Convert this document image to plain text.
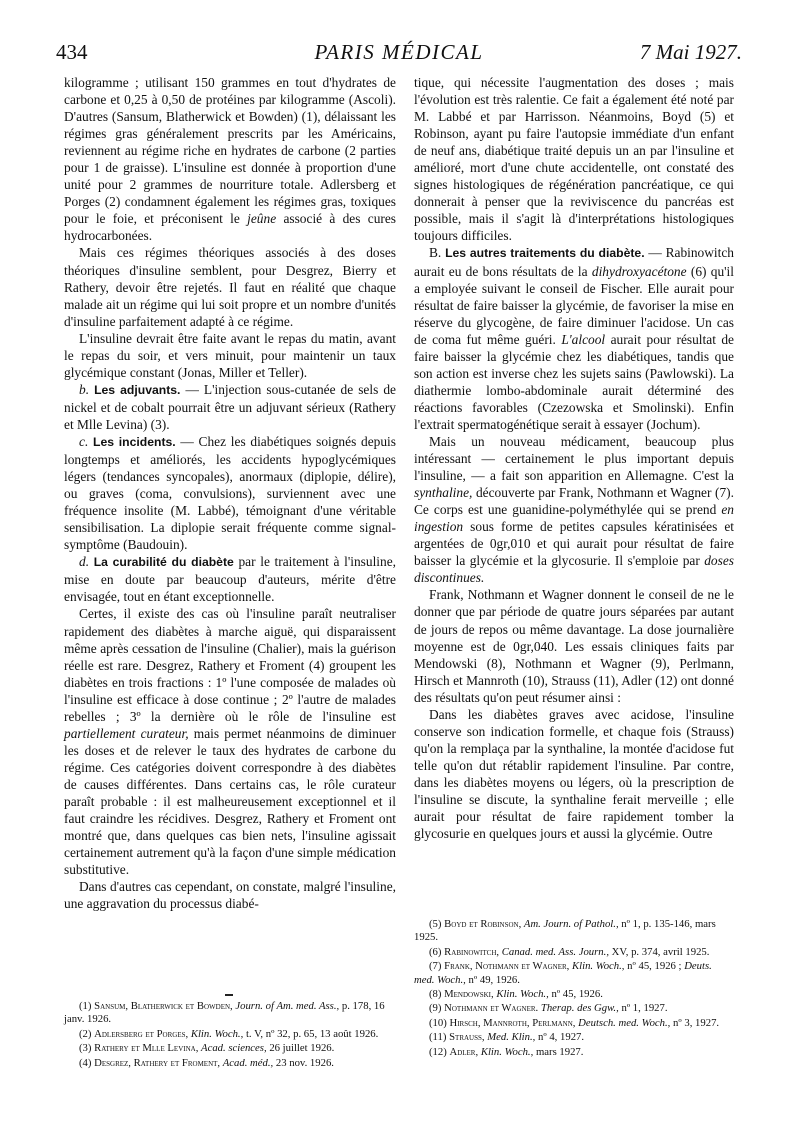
434	PARIS MÉDICAL	7 Mai 1927.

kilogramme ; utilisant 150 grammes en tout d'hydrates de carbone et 0,25 à 0,50 de protéines par kilogramme (Ascoli). D'autres (Sansum, Blatherwick et Bowden) (1), délaissant les régimes gras généralement prescrits par les Américains, reviennent au régime riche en hydrates de carbone (2 parties pour 1 de graisse). L'insuline est donnée à proportion d'une unité pour 2 grammes de nourriture totale. Adlersberg et Porges (2) condamnent également les régimes gras, toxiques pour le foie, et préconisent le jeûne associé à des cures hydrocarbonées.

Mais ces régimes théoriques associés à des doses théoriques d'insuline semblent, pour Desgrez, Bierry et Rathery, devoir être rejetés. Il faut en réalité que chaque malade ait un régime qui lui soit propre et un nombre d'unités d'insuline parfaitement adapté à ce régime.

L'insuline devrait être faite avant le repas du matin, avant le repas du soir, et vers minuit, pour maintenir un taux glycémique constant (Jonas, Miller et Teller).

b. Les adjuvants. — L'injection sous-cutanée de sels de nickel et de cobalt pourrait être un adjuvant sérieux (Rathery et Mlle Levina) (3).

c. Les incidents. — Chez les diabétiques soignés depuis longtemps et améliorés, les accidents hypoglycémiques légers (tendances syncopales), anormaux (diplopie, délire), ou graves (coma, convulsions), surviennent avec une fréquence insolite (M. Labbé), témoignant d'une véritable sensibilisation. La diplopie serait fréquente comme signal-symptôme (Baudouin).

d. La curabilité du diabète par le traitement à l'insuline, mise en doute par beaucoup d'auteurs, mérite d'être envisagée, tout en étant exceptionnelle.

Certes, il existe des cas où l'insuline paraît neutraliser rapidement des diabètes à marche aiguë, qui disparaissent même après cessation de l'insuline (Chalier), mais la guérison réelle est rare. Desgrez, Rathery et Froment (4) groupent les diabètes en trois fractions : 1º l'une composée de malades où l'insuline est efficace à dose continue ; 2º l'autre de malades rebelles ; 3º la dernière où le rôle de l'insuline est partiellement curateur, mais permet néanmoins de diminuer les doses et de relever le taux des hydrates de carbone du régime. Ces catégories doivent correspondre à des diabètes de causes différentes. Dans certains cas, le rôle curateur paraît probable : il est malheureusement exceptionnel et il faut craindre les récidives. Desgrez, Rathery et Froment ont montré que, dans quelques cas bien nets, l'insuline agissait certainement autrement qu'à la façon d'une simple médication substitutive.

Dans d'autres cas cependant, on constate, malgré l'insuline, une aggravation du processus diabé-

(1) Sansum, Blatherwick et Bowden, Journ. of Am. med. Ass., p. 178, 16 janv. 1926.

(2) Adlersberg et Porges, Klin. Woch., t. V, nº 32, p. 65, 13 août 1926.

(3) Rathery et Mlle Levina, Acad. sciences, 26 juillet 1926.

(4) Desgrez, Rathery et Froment, Acad. méd., 23 nov. 1926.

tique, qui nécessite l'augmentation des doses ; mais l'évolution est très ralentie. Ce fait a également été noté par M. Labbé et par Harrisson. Néanmoins, Boyd (5) et Robinson, ayant pu faire l'autopsie immédiate d'un enfant de neuf ans, diabétique traité depuis un an par l'insuline et amélioré, mort d'une chute accidentelle, ont constaté des signes histologiques de régénération pancréatique, ce qui donnerait à penser que la reviviscence du pancréas est possible, mais il s'agit là d'interprétations histologiques toujours difficiles.

B. Les autres traitements du diabète. — Rabinowitch aurait eu de bons résultats de la dihydroxyacétone (6) qu'il a employée suivant le conseil de Fischer. Elle aurait pour résultat de faire baisser la glycémie, de favoriser la mise en réserve du glycogène, de faire diminuer l'acidose. Un cas de coma fut même guéri. L'alcool aurait pour résultat de faire baisser la glycémie chez les diabétiques, tandis que son action est inverse chez les sujets sains (Pawlowski). La diathermie lombo-abdominale aurait déterminé des réactions favorables (Czezowska et Smolinski). Enfin l'extrait spermatogénétique serait à essayer (Jochum).

Mais un nouveau médicament, beaucoup plus intéressant — certainement le plus important depuis l'insuline, — a fait son apparition en Allemagne. C'est la synthaline, découverte par Frank, Nothmann et Wagner (7). Ce corps est une guanidine-polyméthylée qui se prend en ingestion sous forme de petites capsules kératinisées et argentées de 0gr,010 et qui aurait pour résultat de faire baisser la glycémie et la glycosurie. Il s'emploie par doses discontinues.

Frank, Nothmann et Wagner donnent le conseil de ne le donner que par période de quatre jours séparées par autant de jours de repos ou même davantage. La dose journalière moyenne est de 0gr,040. Les essais cliniques faits par Mendowski (8), Nothmann et Wagner (9), Perlmann, Hirsch et Mannroth (10), Strauss (11), Adler (12) ont donné des résultats qu'on peut résumer ainsi :

Dans les diabètes graves avec acidose, l'insuline conserve son indication formelle, et chaque fois (Strauss) qu'on la remplaça par la synthaline, la montée d'acidose fut telle qu'on dut rétablir rapidement l'insuline. Par contre, dans les diabètes moyens ou légers, où la prescription de l'insuline se discute, la synthaline ferait merveille ; elle aurait pour résultat de faire rapidement tomber la glycosurie en quelques jours et aussi la glycémie. Outre

(5) Boyd et Robinson, Am. Journ. of Pathol., nº 1, p. 135-146, mars 1925.

(6) Rabinowitch, Canad. med. Ass. Journ., XV, p. 374, avril 1925.

(7) Frank, Nothmann et Wagner, Klin. Woch., nº 45, 1926 ; Deuts. med. Woch., nº 49, 1926.

(8) Mendowski, Klin. Woch., nº 45, 1926.

(9) Nothmann et Wagner. Therap. des Ggw., nº 1, 1927.

(10) Hirsch, Mannroth, Perlmann, Deutsch. med. Woch., nº 3, 1927.

(11) Strauss, Med. Klin., nº 4, 1927.

(12) Adler, Klin. Woch., mars 1927.
